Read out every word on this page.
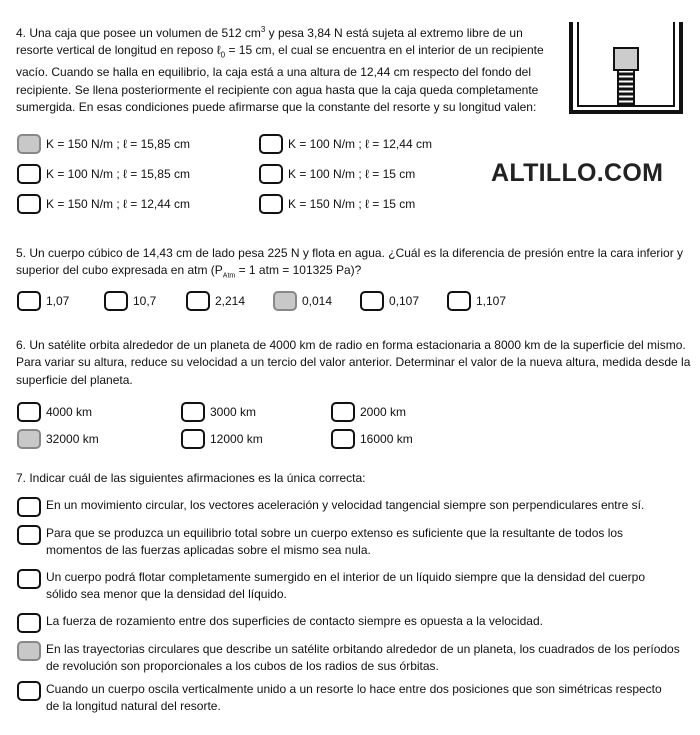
4. Una caja que posee un volumen de 512 $cm^3$ y pesa 3,84 N está sujeta al extremo libre de un resorte vertical de longitud en reposo ℓ$_0$ = 15 cm, el cual se encuentra en el interior de un recipiente vacío. Cuando se halla en equilibrio, la caja está a una altura de 12,44 cm respecto del fondo del recipiente. Se llena posteriormente el recipiente con agua hasta que la caja queda completamente sumergida. En esas condiciones puede afirmarse que la constante del resorte y su longitud valen:

K = 150 N/m ; ℓ = 15,85 cm	K = 100 N/m ; ℓ = 12,44 cm
K = 100 N/m ; ℓ = 15,85 cm	K = 100 N/m ; ℓ = 15 cm
K = 150 N/m ; ℓ = 12,44 cm	K = 150 N/m ; ℓ = 15 cm
ALTILLO.COM

5. Un cuerpo cúbico de 14,43 cm de lado pesa 225 N y flota en agua. ¿Cuál es la diferencia de presión entre la cara inferior y superior del cubo expresada en atm ($P_{Atm} = 1$ atm = 101325 Pa)?

1,07	10,7	2,214	0,014	0,107	1,107

6. Un satélite orbita alrededor de un planeta de 4000 km de radio en forma estacionaria a 8000 km de la superficie del mismo. Para variar su altura, reduce su velocidad a un tercio del valor anterior. Determinar el valor de la nueva altura, medida desde la superficie del planeta.

4000 km	3000 km	2000 km
32000 km	12000 km	16000 km

7. Indicar cuál de las siguientes afirmaciones es la única correcta:

En un movimiento circular, los vectores aceleración y velocidad tangencial siempre son perpendiculares entre sí.
Para que se produzca un equilibrio total sobre un cuerpo extenso es suficiente que la resultante de todos los momentos de las fuerzas aplicadas sobre el mismo sea nula.
Un cuerpo podrá flotar completamente sumergido en el interior de un líquido siempre que la densidad del cuerpo sólido sea menor que la densidad del líquido.
La fuerza de rozamiento entre dos superficies de contacto siempre es opuesta a la velocidad.
En las trayectorias circulares que describe un satélite orbitando alrededor de un planeta, los cuadrados de los períodos de revolución son proporcionales a los cubos de los radios de sus órbitas.
Cuando un cuerpo oscila verticalmente unido a un resorte lo hace entre dos posiciones que son simétricas respecto de la longitud natural del resorte.
